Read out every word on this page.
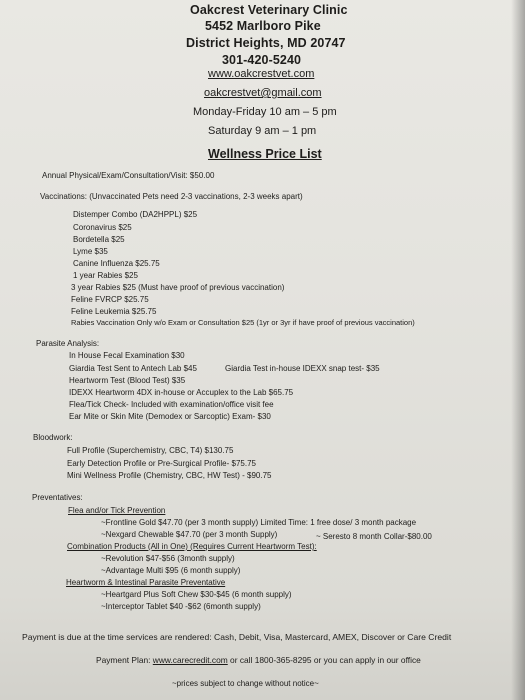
Oakcrest Veterinary Clinic
5452 Marlboro Pike
District Heights, MD 20747
301-420-5240
www.oakcrestvet.com
oakcrestvet@gmail.com
Monday-Friday 10 am – 5 pm
Saturday 9 am – 1 pm
Wellness Price List
Annual Physical/Exam/Consultation/Visit: $50.00
Vaccinations: (Unvaccinated Pets need 2-3 vaccinations, 2-3 weeks apart)
Distemper Combo (DA2HPPL) $25
Coronavirus $25
Bordetella $25
Lyme $35
Canine Influenza $25.75
1 year Rabies $25
3 year Rabies $25 (Must have proof of previous vaccination)
Feline FVRCP $25.75
Feline Leukemia $25.75
Rabies Vaccination Only w/o Exam or Consultation $25 (1yr or 3yr if have proof of previous vaccination)
Parasite Analysis:
In House Fecal Examination $30
Giardia Test Sent to Antech Lab $45	Giardia Test in-house IDEXX snap test- $35
Heartworm Test (Blood Test) $35
IDEXX Heartworm 4DX in-house or Accuplex to the Lab $65.75
Flea/Tick Check- Included with examination/office visit fee
Ear Mite or Skin Mite (Demodex or Sarcoptic) Exam- $30
Bloodwork:
Full Profile (Superchemistry, CBC, T4) $130.75
Early Detection Profile or Pre-Surgical Profile- $75.75
Mini Wellness Profile (Chemistry, CBC, HW Test) - $90.75
Preventatives:
Flea and/or Tick Prevention
~Frontline Gold $47.70 (per 3 month supply) Limited Time: 1 free dose/ 3 month package
~Nexgard Chewable $47.70 (per 3 month Supply)	~ Seresto 8 month Collar-$80.00
Combination Products (All in One) (Requires Current Heartworm Test):
~Revolution $47-$56 (3month supply)
~Advantage Multi $95 (6 month supply)
Heartworm & Intestinal Parasite Preventative
~Heartgard Plus Soft Chew $30-$45 (6 month supply)
~Interceptor Tablet $40 -$62 (6month supply)
Payment is due at the time services are rendered: Cash, Debit, Visa, Mastercard, AMEX, Discover or Care Credit
Payment Plan: www.carecredit.com or call 1800-365-8295 or you can apply in our office
~prices subject to change without notice~
